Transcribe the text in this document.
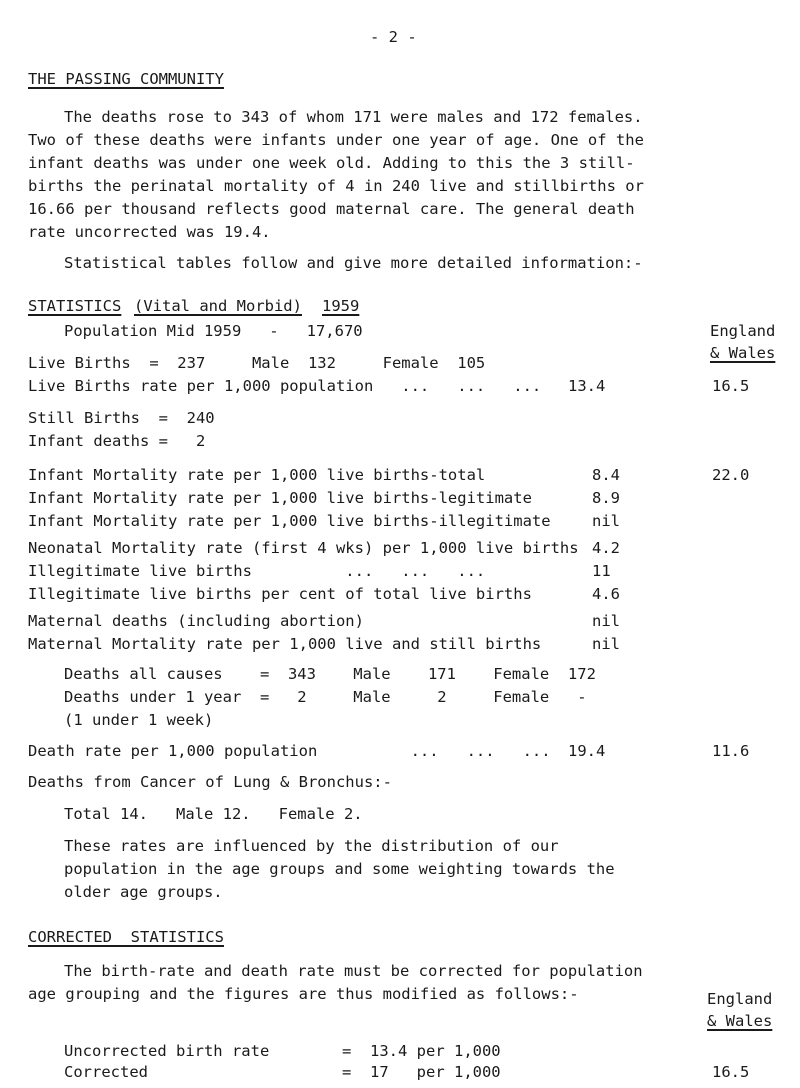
- 2 -
THE PASSING COMMUNITY
The deaths rose to 343 of whom 171 were males and 172 females.
Two of these deaths were infants under one year of age. One of the
infant deaths was under one week old. Adding to this the 3 still-
births the perinatal mortality of 4 in 240 live and stillbirths or
16.66 per thousand reflects good maternal care. The general death
rate uncorrected was 19.4.
Statistical tables follow and give more detailed information:-
STATISTICS (Vital and Morbid) 1959
Population Mid 1959   -   17,670	England
& Wales
Live Births  =  237     Male  132     Female  105
Live Births rate per 1,000 population   ...   ...   ... 13.4	16.5
Still Births  =  240
Infant deaths =   2
Infant Mortality rate per 1,000 live births-total	8.4	22.0
Infant Mortality rate per 1,000 live births-legitimate	8.9
Infant Mortality rate per 1,000 live births-illegitimate	nil
Neonatal Mortality rate (first 4 wks) per 1,000 live births 4.2
Illegitimate live births          ...   ...   ...	11
Illegitimate live births per cent of total live births	4.6
Maternal deaths (including abortion)	nil
Maternal Mortality rate per 1,000 live and still births	nil
Deaths all causes    =  343    Male    171    Female  172
Deaths under 1 year  =   2     Male     2     Female   -
(1 under 1 week)
Death rate per 1,000 population          ...   ...   ... 19.4	11.6
Deaths from Cancer of Lung & Bronchus:-
Total 14.   Male 12.   Female 2.
These rates are influenced by the distribution of our
population in the age groups and some weighting towards the
older age groups.
CORRECTED  STATISTICS
The birth-rate and death rate must be corrected for population
age grouping and the figures are thus modified as follows:-	England
& Wales
Uncorrected birth rate	=  13.4 per 1,000
Corrected	=  17   per 1,000	16.5
